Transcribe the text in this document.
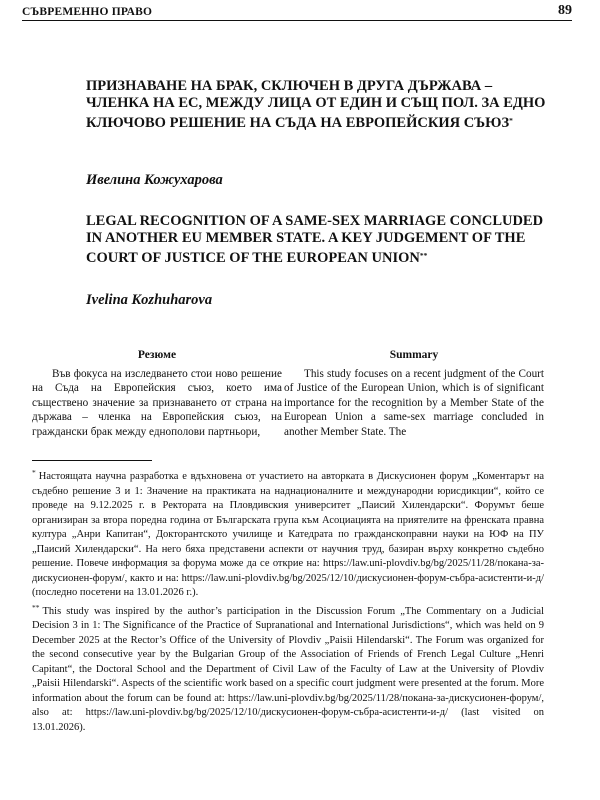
СЪВРЕМЕННО ПРАВО	89
ПРИЗНАВАНЕ НА БРАК, СКЛЮЧЕН В ДРУГА ДЪРЖАВА – ЧЛЕНКА НА ЕС, МЕЖДУ ЛИЦА ОТ ЕДИН И СЪЩ ПОЛ. ЗА ЕДНО КЛЮЧОВО РЕШЕНИЕ НА СЪДА НА ЕВРОПЕЙСКИЯ СЪЮЗ*
Ивелина Кожухарова
LEGAL RECOGNITION OF A SAME-SEX MARRIAGE CONCLUDED IN ANOTHER EU MEMBER STATE. A KEY JUDGEMENT OF THE COURT OF JUSTICE OF THE EUROPEAN UNION**
Ivelina Kozhuharova
Резюме

Във фокуса на изследването стои ново решение на Съда на Европейския съюз, което има съществено значение за признаването от страна на държава – членка на Европейския съюз, на граждански брак между еднополови партньори,

Summary

This study focuses on a recent judgment of the Court of Justice of the European Union, which is of significant importance for the recognition by a Member State of the European Union a same-sex marriage concluded in another Member State. The

* Настоящата научна разработка е вдъхновена от участието на авторката в Дискусионен форум „Коментарът на съдебно решение 3 и 1: Значение на практиката на наднационалните и международни юрисдикции“, който се проведе на 9.12.2025 г. в Ректората на Пловдивския университет „Паисий Хилендарски“. Форумът беше организиран за втора поредна година от Българската група към Асоциацията на приятелите на френската правна култура „Анри Капитан“, Докторантското училище и Катедрата по гражданскоправни науки на ЮФ на ПУ „Паисий Хилендарски“. На него бяха представени аспекти от научния труд, базиран върху конкретно съдебно решение. Повече информация за форума може да се открие на: https://law.uni-plovdiv.bg/bg/2025/11/28/покана-за-дискусионен-форум/, както и на: https://law.uni-plovdiv.bg/bg/2025/12/10/дискусионен-форум-събра-асистенти-и-д/ (последно посетени на 13.01.2026 г.).

** This study was inspired by the author’s participation in the Discussion Forum „The Commentary on a Judicial Decision 3 in 1: The Significance of the Practice of Supranational and International Jurisdictions“, which was held on 9 December 2025 at the Rector’s Office of the University of Plovdiv „Paisii Hilendarski“. The Forum was organized for the second consecutive year by the Bulgarian Group of the Association of Friends of French Legal Culture „Henri Capitant“, the Doctoral School and the Department of Civil Law of the Faculty of Law at the University of Plovdiv „Paisii Hilendarski“. Aspects of the scientific work based on a specific court judgment were presented at the forum. More information about the forum can be found at: https://law.uni-plovdiv.bg/bg/2025/11/28/покана-за-дискусионен-форум/, also at: https://law.uni-plovdiv.bg/bg/2025/12/10/дискусионен-форум-събра-асистенти-и-д/ (last visited on 13.01.2026).
